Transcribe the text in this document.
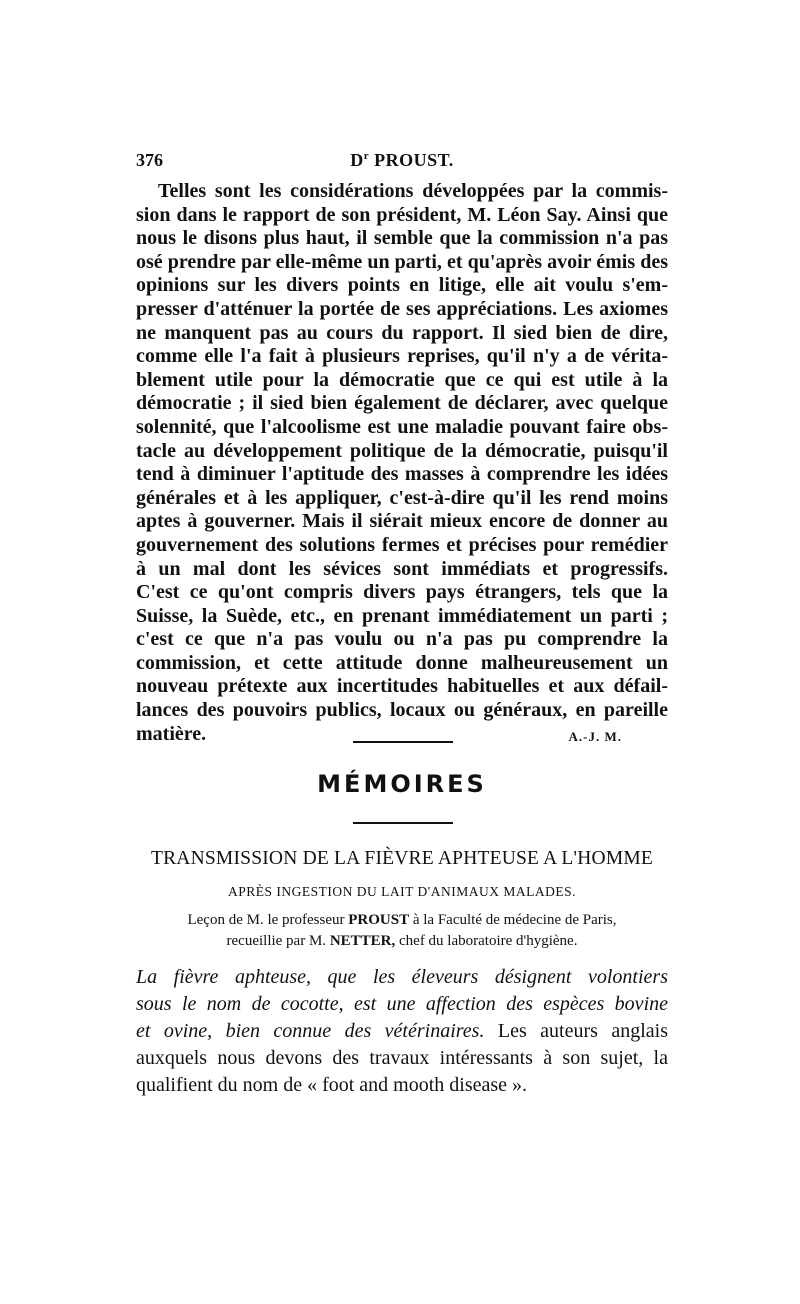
376	$D^r$ PROUST.

Telles sont les considérations développées par la commis-
sion dans le rapport de son président, M. Léon Say. Ainsi que
nous le disons plus haut, il semble que la commission n'a pas
osé prendre par elle-même un parti, et qu'après avoir émis des
opinions sur les divers points en litige, elle ait voulu s'em-
presser d'atténuer la portée de ses appréciations. Les axiomes
ne manquent pas au cours du rapport. Il sied bien de dire,
comme elle l'a fait à plusieurs reprises, qu'il n'y a de vérita-
blement utile pour la démocratie que ce qui est utile à la
démocratie ; il sied bien également de déclarer, avec quelque
solennité, que l'alcoolisme est une maladie pouvant faire obs-
tacle au développement politique de la démocratie, puisqu'il
tend à diminuer l'aptitude des masses à comprendre les idées
générales et à les appliquer, c'est-à-dire qu'il les rend moins
aptes à gouverner. Mais il siérait mieux encore de donner au
gouvernement des solutions fermes et précises pour remédier
à un mal dont les sévices sont immédiats et progressifs.
C'est ce qu'ont compris divers pays étrangers, tels que la
Suisse, la Suède, etc., en prenant immédiatement un parti ;
c'est ce que n'a pas voulu ou n'a pas pu comprendre la
commission, et cette attitude donne malheureusement un
nouveau prétexte aux incertitudes habituelles et aux défail-
lances des pouvoirs publics, locaux ou généraux, en pareille
matière.	A.-J. M.

MÉMOIRES
TRANSMISSION DE LA FIÈVRE APHTEUSE A L'HOMME
APRÈS INGESTION DU LAIT D'ANIMAUX MALADES.
Leçon de M. le professeur PROUST à la Faculté de médecine de Paris,
recueillie par M. NETTER, chef du laboratoire d'hygiène.

La fièvre aphteuse, que les éleveurs désignent volontiers
sous le nom de cocotte, est une affection des espèces bovine
et ovine, bien connue des vétérinaires. Les auteurs anglais
auxquels nous devons des travaux intéressants à son sujet, la
qualifient du nom de « foot and mooth disease ».
